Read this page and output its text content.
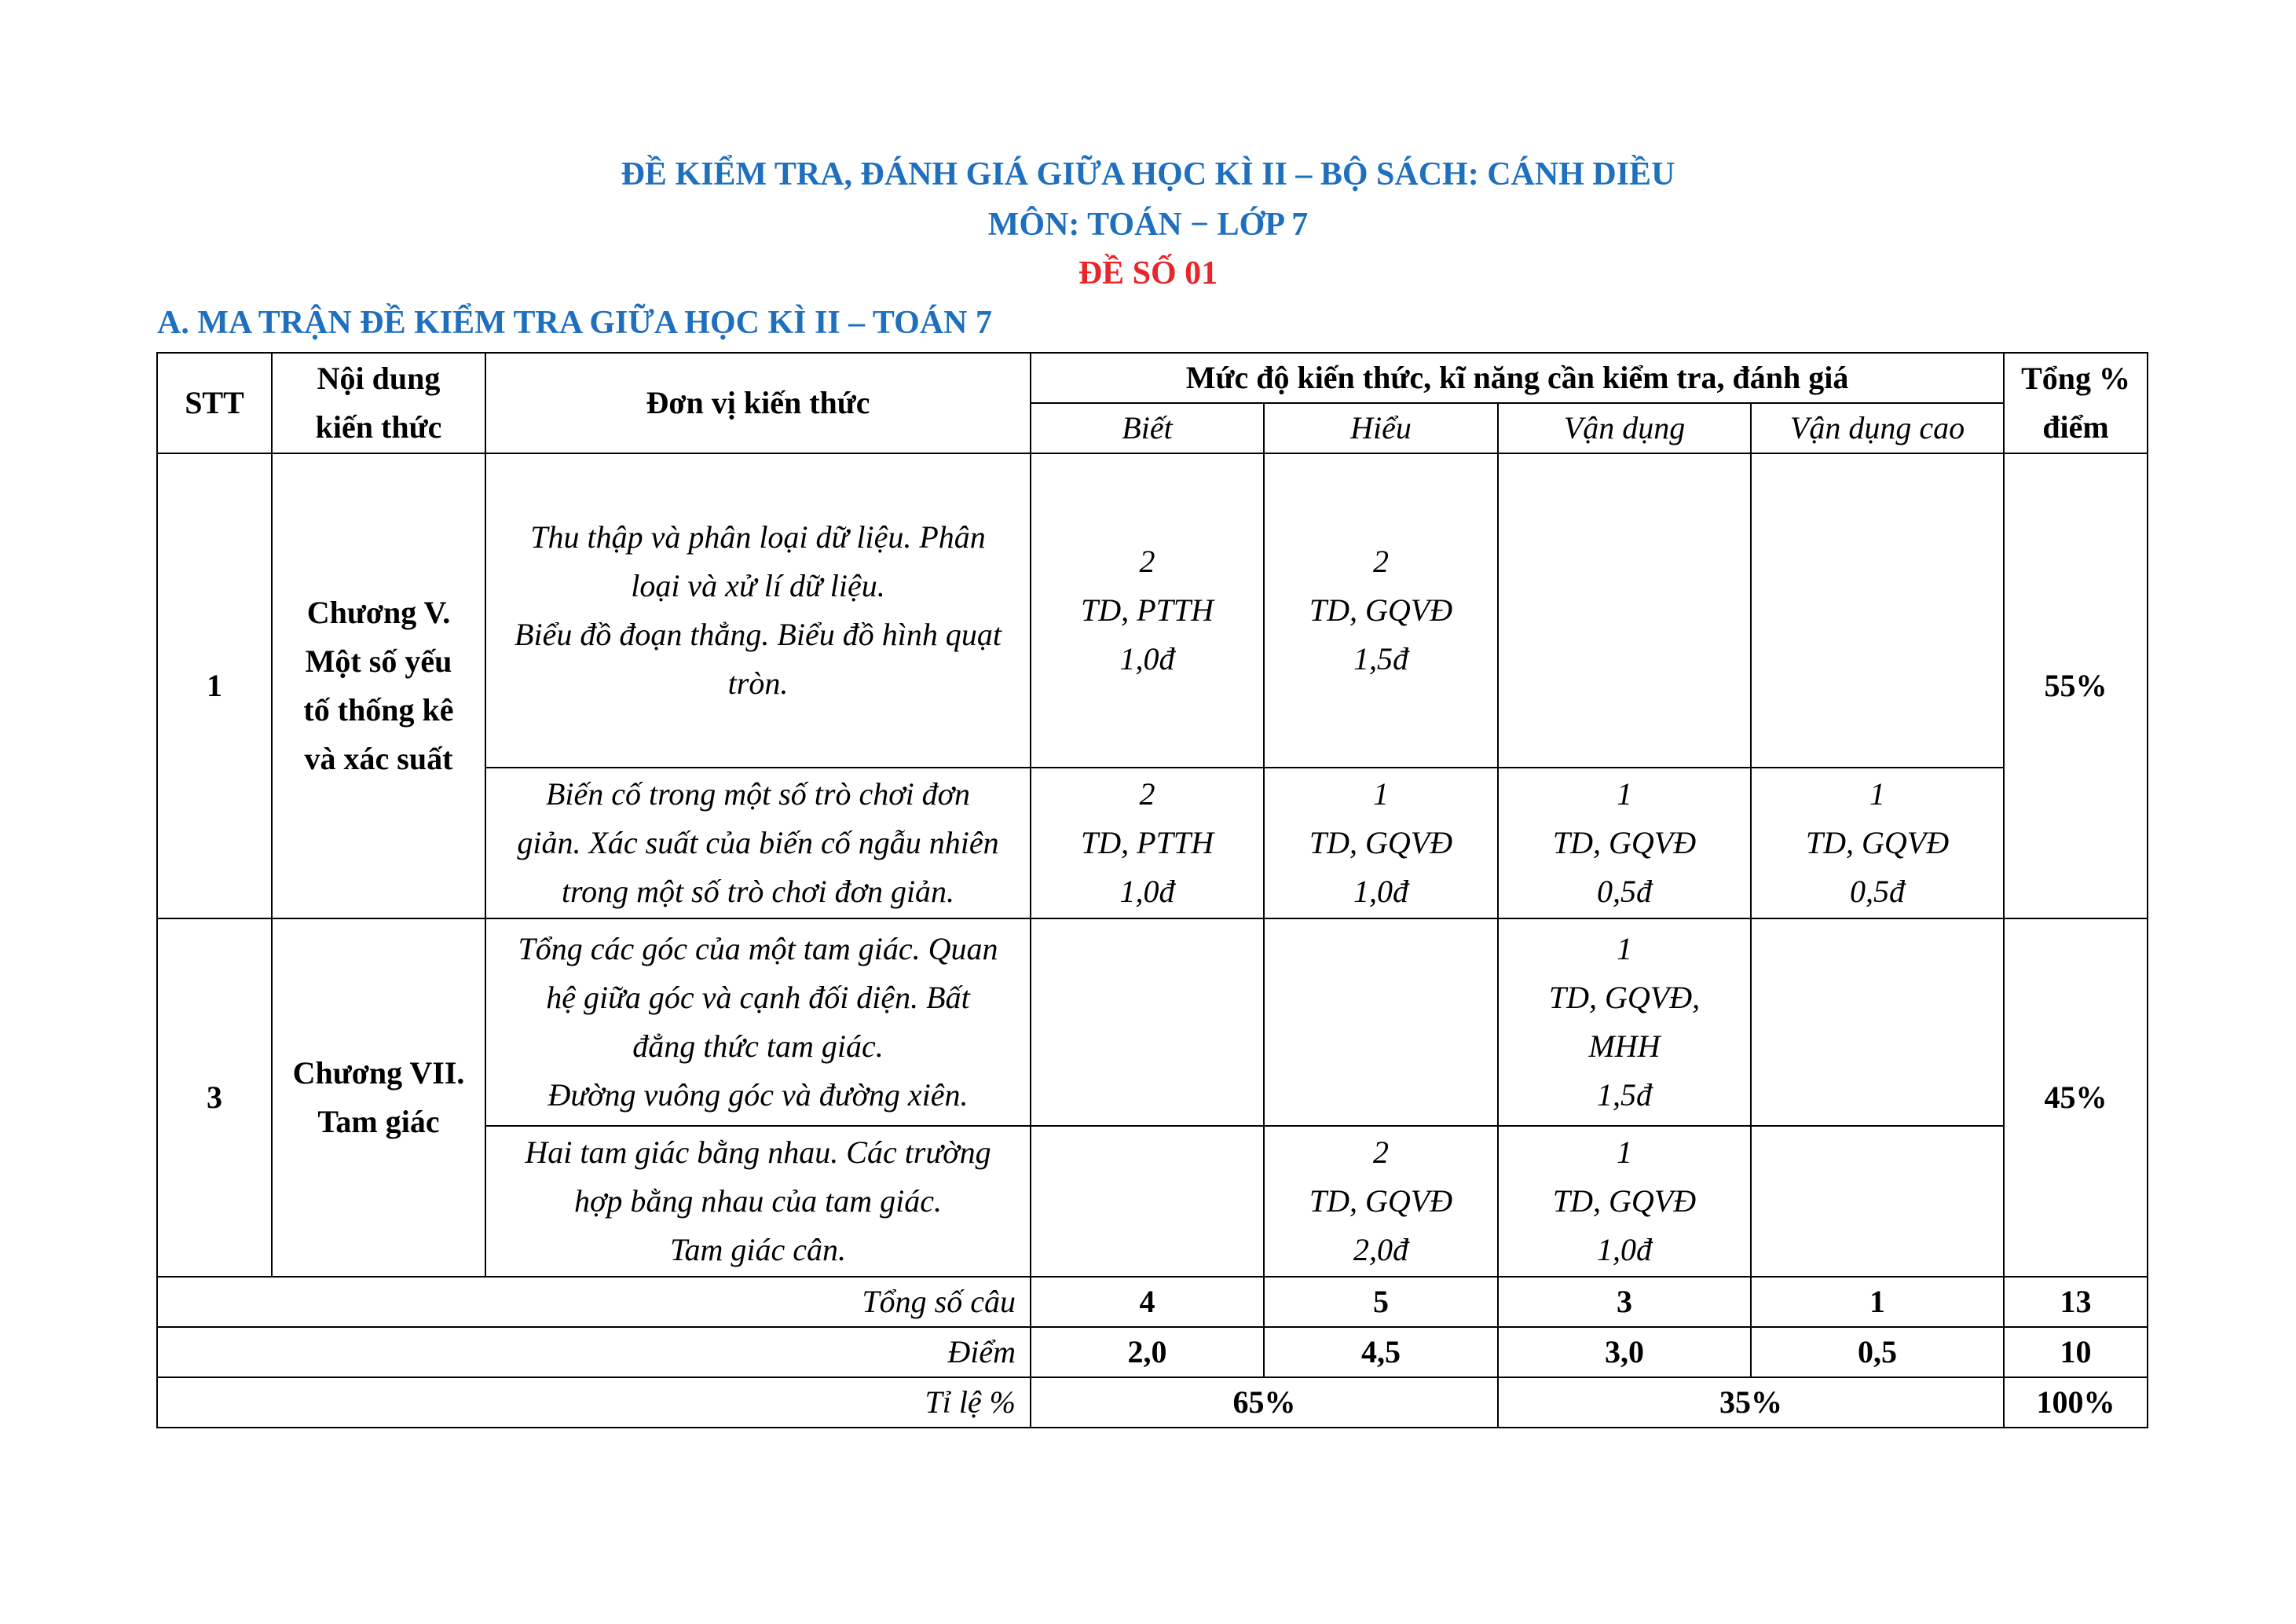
ĐỀ KIỂM TRA, ĐÁNH GIÁ GIỮA HỌC KÌ II – BỘ SÁCH: CÁNH DIỀU
MÔN: TOÁN − LỚP 7
ĐỀ SỐ 01
A. MA TRẬN ĐỀ KIỂM TRA GIỮA HỌC KÌ II – TOÁN 7
STT	Nội dung
kiến thức	Đơn vị kiến thức	Mức độ kiến thức, kĩ năng cần kiểm tra, đánh giá				Tổng %
điểm
			Biết	Hiểu	Vận dụng	Vận dụng cao	
1	Chương V.
Một số yếu
tố thống kê
và xác suất	Thu thập và phân loại dữ liệu. Phân
loại và xử lí dữ liệu.
Biểu đồ đoạn thẳng. Biểu đồ hình quạt
tròn.	2
TD, PTTH
1,0đ	2
TD, GQVĐ
1,5đ			55%
		Biến cố trong một số trò chơi đơn
giản. Xác suất của biến cố ngẫu nhiên
trong một số trò chơi đơn giản.	2
TD, PTTH
1,0đ	1
TD, GQVĐ
1,0đ	1
TD, GQVĐ
0,5đ	1
TD, GQVĐ
0,5đ	
3	Chương VII.
Tam giác	Tổng các góc của một tam giác. Quan
hệ giữa góc và cạnh đối diện. Bất
đẳng thức tam giác.
Đường vuông góc và đường xiên.			1
TD, GQVĐ,
MHH
1,5đ		45%
		Hai tam giác bằng nhau. Các trường
hợp bằng nhau của tam giác.
Tam giác cân.		2
TD, GQVĐ
2,0đ	1
TD, GQVĐ
1,0đ		
Tổng số câu			4	5	3	1	13
Điểm			2,0	4,5	3,0	0,5	10
Tỉ lệ %			65%		35%		100%
